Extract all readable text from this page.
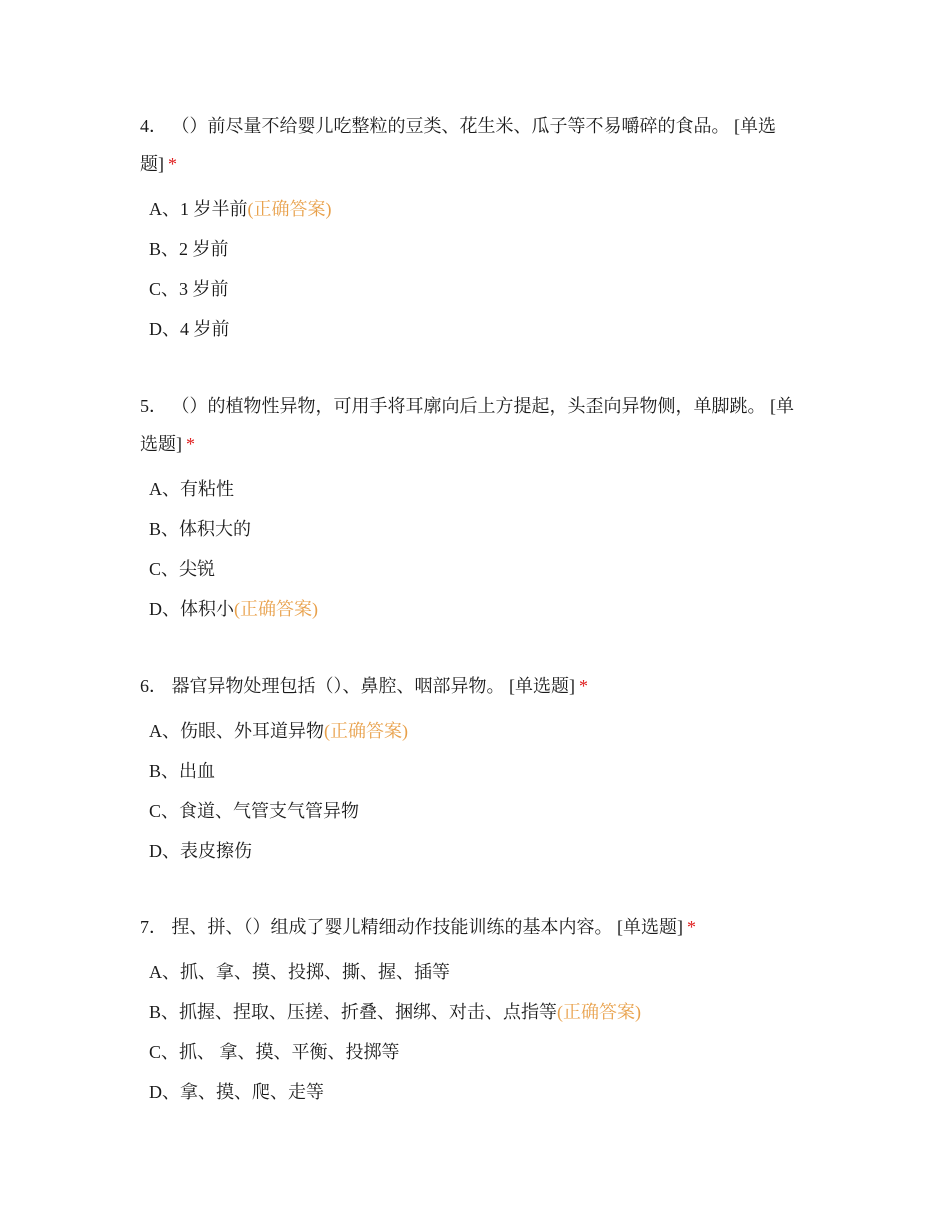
4． （）前尽量不给婴儿吃整粒的豆类、花生米、瓜子等不易嚼碎的食品。 [单选题] *

A、1 岁半前(正确答案)
B、2 岁前
C、3 岁前
D、4 岁前

5． （）的植物性异物，可用手将耳廓向后上方提起，头歪向异物侧，单脚跳。 [单选题] *

A、有粘性
B、体积大的
C、尖锐
D、体积小(正确答案)

6． 器官异物处理包括（）、鼻腔、咽部异物。 [单选题] *

A、伤眼、外耳道异物(正确答案)
B、出血
C、食道、气管支气管异物
D、表皮擦伤

7． 捏、拼、（）组成了婴儿精细动作技能训练的基本内容。 [单选题] *

A、抓、拿、摸、投掷、撕、握、插等
B、抓握、捏取、压搓、折叠、捆绑、对击、点指等(正确答案)
C、抓、 拿、摸、平衡、投掷等
D、拿、摸、爬、走等
